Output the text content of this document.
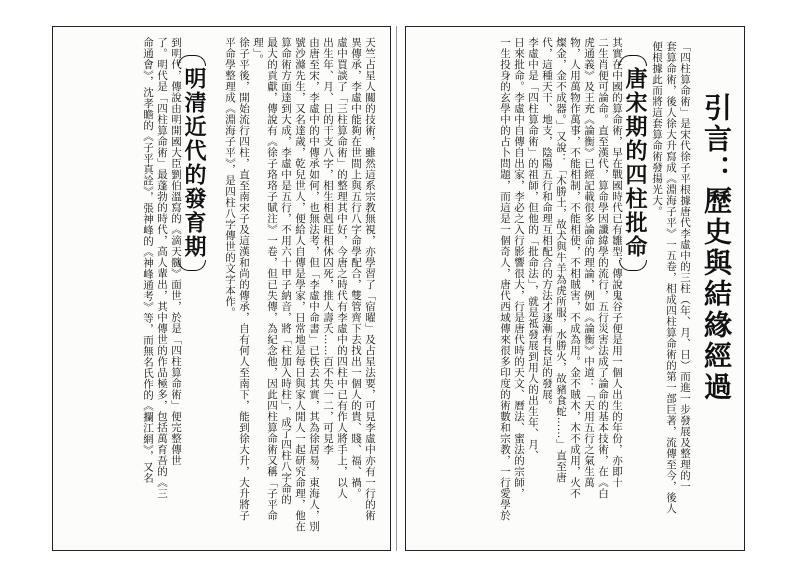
引言：歷史與結緣經過
「四柱算命術」是宋代徐子平根據唐代李虛中的三柱（年、月、日）而進一步發展及整理的一
套算命術，後人徐大升寫成《淵海子平》一五卷，相成四柱算命術的第一部巨著，流傳至今，後人
便根據此而將這套算命術發揚光大。
唐宋期的四柱批命
其實在中國的算命術，早在戰國時代已有雛型，傳說鬼谷子便是用一個人出生的年份，亦即十
二生肖便可論命。直至漢代，算命學因讖緯學的流行，五行災害法成了論命的基本技術，在《白
虎通義》及王充《論衡》已經記載很多論命的理論，例如《論衡》中道：「天用五行之氣生萬
物，人用萬物作萬事，不能相制，不能相使，不相賊害，不成為用。金不賊木，木不成用，火不
燦金，金不成器。」又說：「木勝土，故犬與牛羊為虎所服，水勝火，故豬食蛇……」直至唐
代，這種天干、地支，陰陽五行和命理互相配合的方法才逐漸有長足的發展。
李虛中是「四柱算命術」的祖師，但他的「批命法」，就是祗發展到用人的出生年、月、
日來批命。李虛中自傳自出家，李必之入行影響很大，行是唐代時的天文、曆法、蜜法的宗師，
一生投身的玄學中的占卜問題，而這是一個奇人，唐代西域傳來很多印度的術數和宗教，一行愛學於
天竺占星人關的技術，雖然這系宗教無視，亦學習了「宿曜」及占星法要，可見李虛中亦有一行的術
異傳承，李虛中能夠在世間上與五行八字命學配合，雙管齊下去找出一個人的貴、賤、福、禍。
虛中買談了「三柱算命術」的整理其中好，今唐之時代有李虛中的四柱中已有作人將手上，以人
出生年、月、日的干支八字，相生相剋旺相休囚死，推人壽夭……百不失一二，可見李
由唐至宋，李虛中的中傳承如何，也無法考，但「李虛中命書」已佚去其實，其為徐居易，東海人，別
號沙滌先生，又名達歲，乾兒世人，便給人自傳是學家，日常地是每日與家人閒人一起研究命理，他在
算命術方面達到大成，李虛中是五行，不用六十甲子納音，將「柱加入時柱」，成了四柱八字命的
最大的貢獻，傳說有《徐子珞珞子賦注》一卷，但已失傳，為紀念他，因此四柱算命術又稱「子平命
理」。
徐子平後，開始流行四柱，直至南宋子及這漢和尚的傳承，自有何人至南下，能到徐大升，大升將子
平命學整理成《淵海子平》，是四柱八字傳世的文字本作。
明清近代的發育期
到明代，傳說由明開國大臣劉伯溫寫的《滴天髓》面世，於是「四柱算命術」便完整傳世
了。明代是「四柱算命術」最蓬勃的時代，高人輩出，其中傳世的作品極多，包括萬育吾的《三
命通會》，沈孝瞻的《子平真詮》，張神峰的《神峰通考》等，而無名氏作的《攔江網》，又名
